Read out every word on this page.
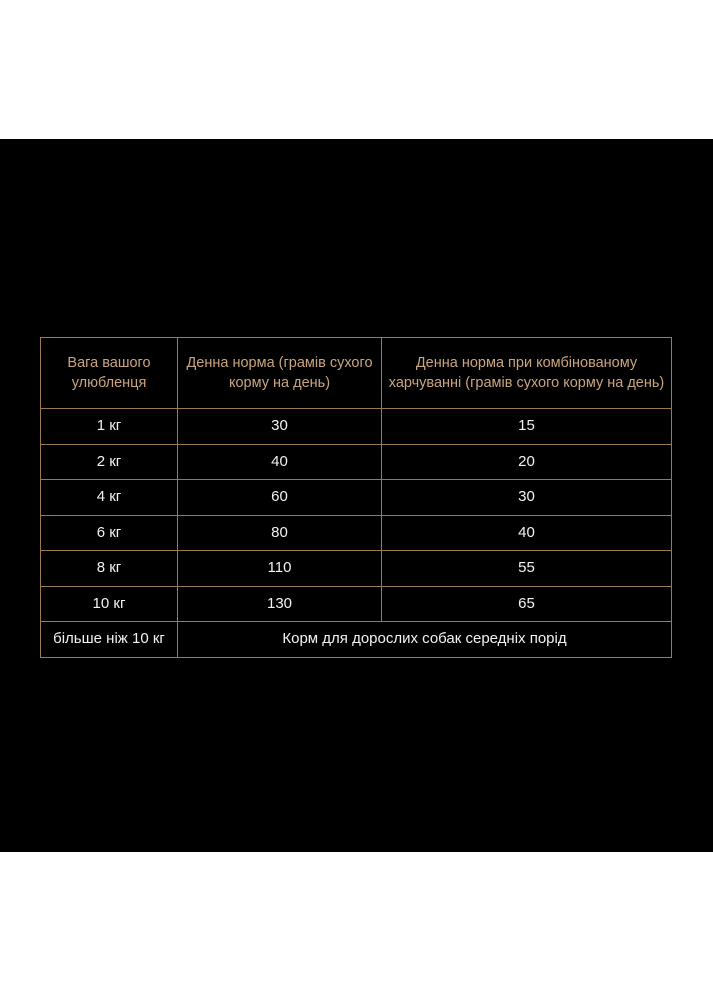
Вага вашого улюбленця	Денна норма (грамів сухого корму на день)	Денна норма при комбінованому харчуванні (грамів сухого корму на день)
1 кг	30	15
2 кг	40	20
4 кг	60	30
6 кг	80	40
8 кг	110	55
10 кг	130	65
більше ніж 10 кг	Корм для дорослих собак середніх порід	
